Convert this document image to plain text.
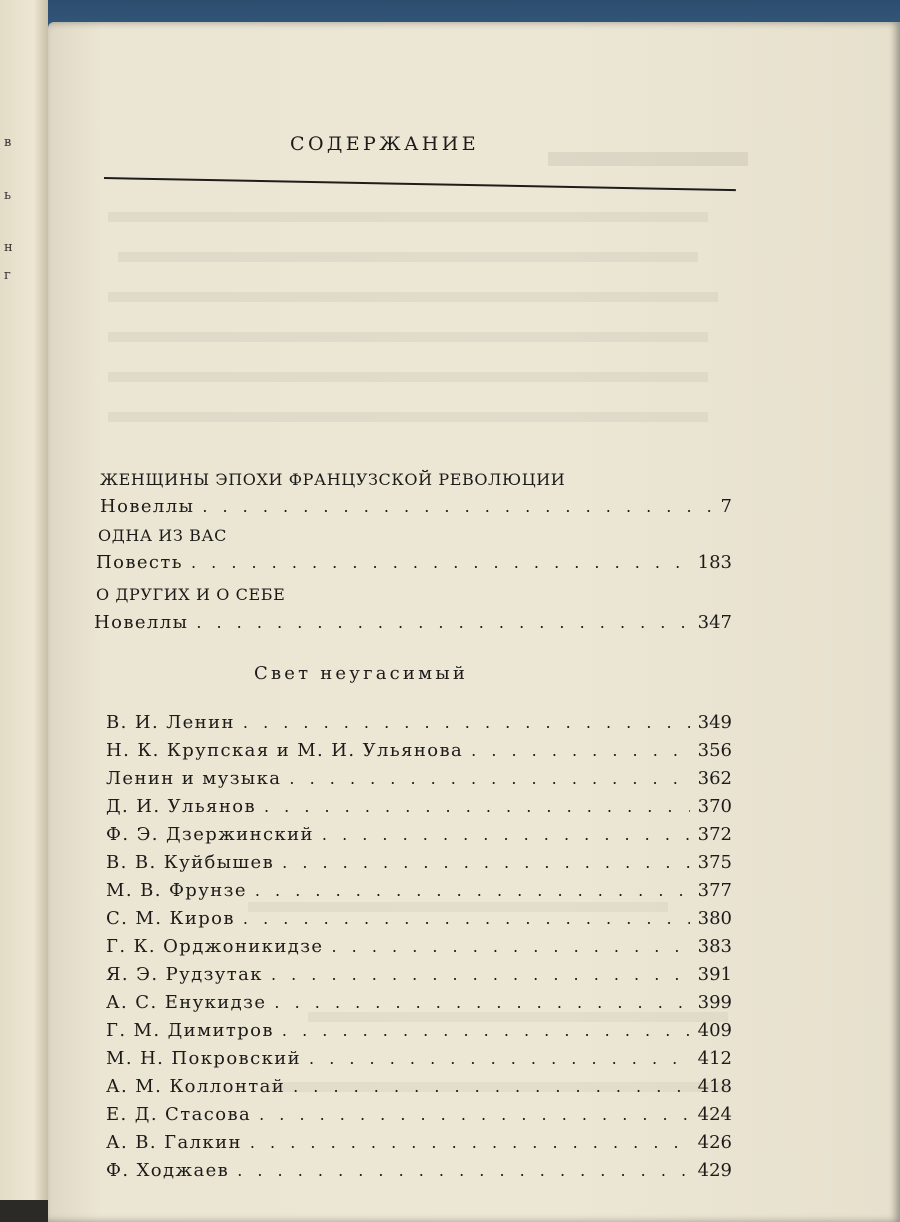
в
ь
н
г
СОДЕРЖАНИЕ
ЖЕНЩИНЫ ЭПОХИ ФРАНЦУЗСКОЙ РЕВОЛЮЦИИ
Новеллы . . .	7
ОДНА ИЗ ВАС
Повесть . . .	183
О ДРУГИХ И О СЕБЕ
Новеллы . . .	347
Свет неугасимый
В. И. Ленин . . .	349
Н. К. Крупская и М. И. Ульянова . . .	356
Ленин и музыка . . .	362
Д. И. Ульянов . . .	370
Ф. Э. Дзержинский . . .	372
В. В. Куйбышев . . .	375
М. В. Фрунзе . . .	377
С. М. Киров . . .	380
Г. К. Орджоникидзе . . .	383
Я. Э. Рудзутак . . .	391
А. С. Енукидзе . . .	399
Г. М. Димитров . . .	409
М. Н. Покровский . . .	412
А. М. Коллонтай . . .	418
Е. Д. Стасова . . .	424
А. В. Галкин . . .	426
Ф. Ходжаев . . .	429
